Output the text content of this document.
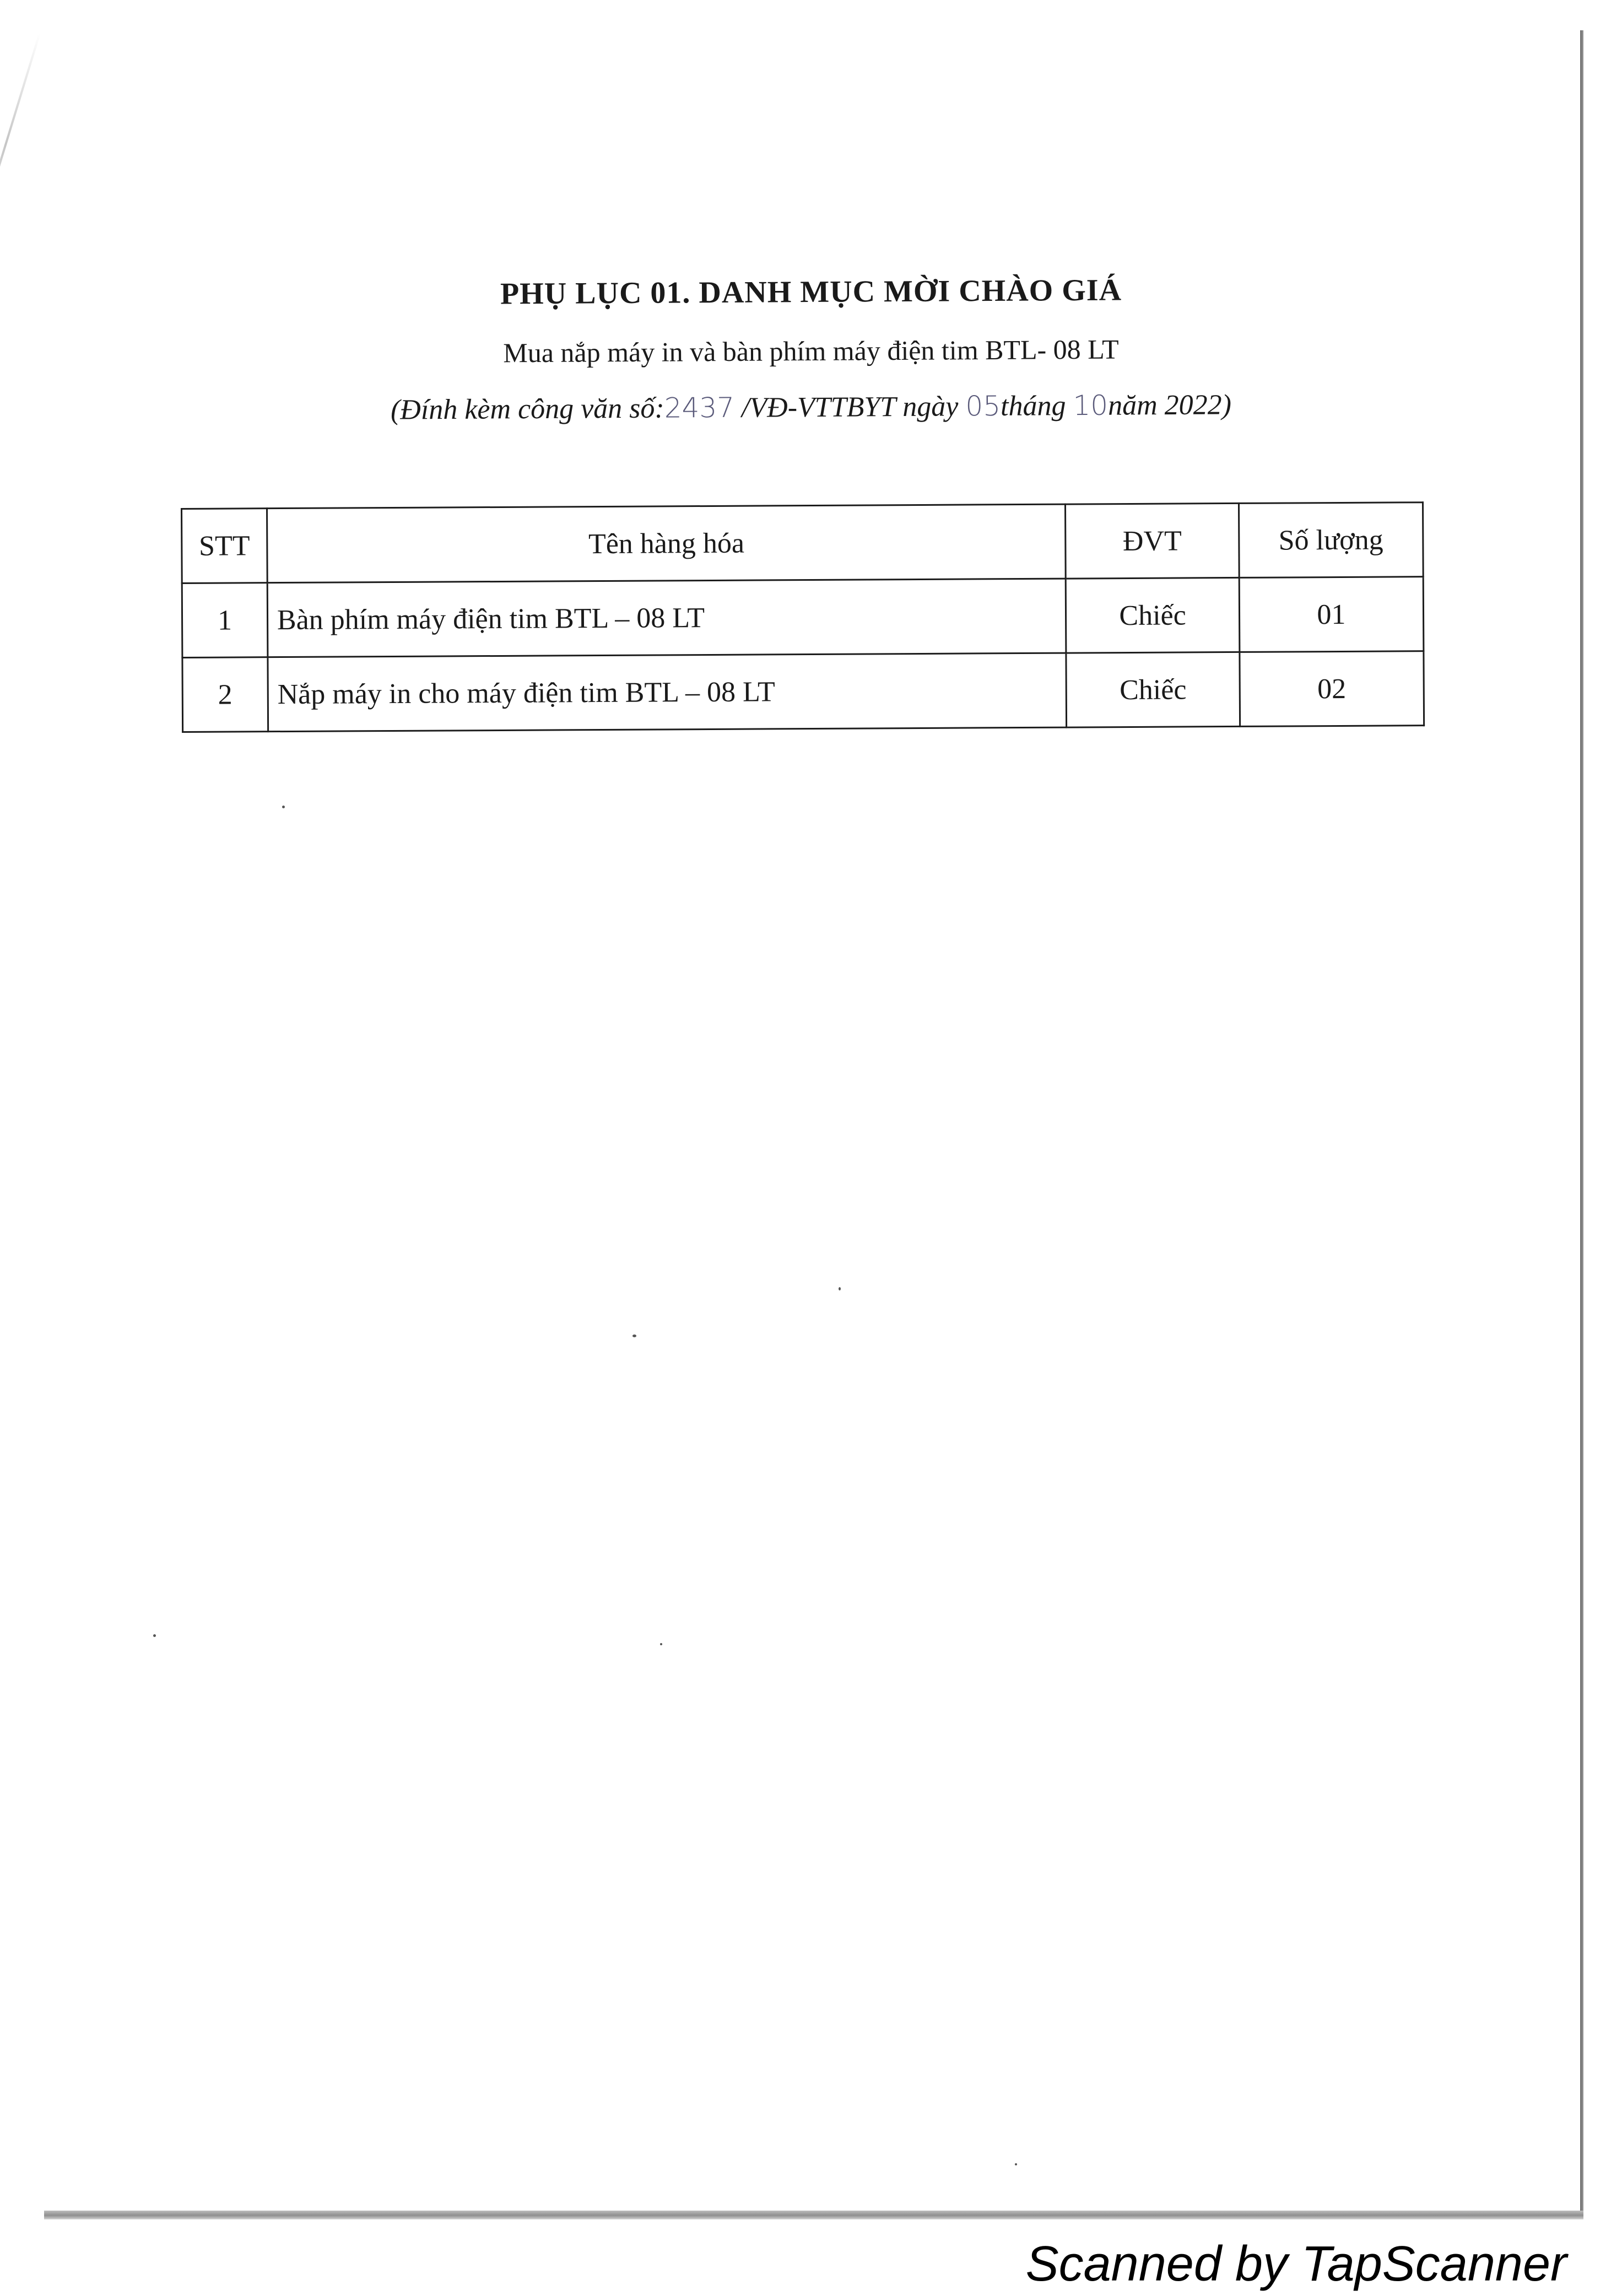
PHỤ LỤC 01. DANH MỤC MỜI CHÀO GIÁ
Mua nắp máy in và bàn phím máy điện tim BTL- 08 LT
(Đính kèm công văn số:2437 /VĐ-VTTBYT ngày 05tháng 10năm 2022)
STT	Tên hàng hóa	ĐVT	Số lượng
1	Bàn phím máy điện tim BTL – 08 LT	Chiếc	01
2	Nắp máy in cho máy điện tim BTL – 08 LT	Chiếc	02
Scanned by TapScanner
